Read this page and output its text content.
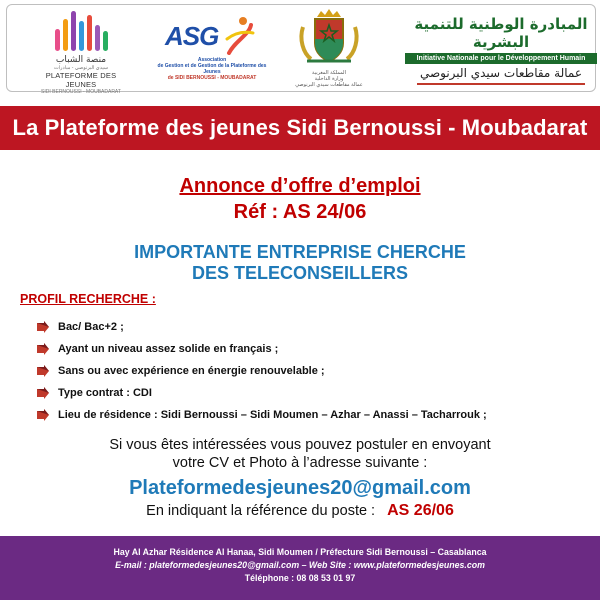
منصة الشباب
سيدي البرنوصي - مبادرات
PLATEFORME DES JEUNES
SIDI BERNOUSSI - MOUBADARAT
ASG
Association
de Gestion et de Gestion de la Plateforme des Jeunes
de SIDI BERNOUSSI - MOUBADARAT
المملكة المغربية
وزارة الداخلية
عمالة مقاطعات سيدي البرنوصي
المبادرة الوطنية للتنمية البشرية
Initiative Nationale pour le Développement Humain
عمالة مقاطعات سيدي البرنوصي
La Plateforme des jeunes Sidi Bernoussi - Moubadarat
Annonce d’offre d’emploi
Réf : AS 24/06
IMPORTANTE ENTREPRISE CHERCHE
DES TELECONSEILLERS
PROFIL RECHERCHE :
Bac/ Bac+2 ;
Ayant un niveau assez solide en français ;
Sans ou avec expérience en énergie renouvelable ;
Type contrat : CDI
Lieu de résidence : Sidi Bernoussi – Sidi Moumen – Azhar – Anassi – Tacharrouk ;
Si vous êtes intéressées vous pouvez postuler en envoyant
votre CV et Photo à l’adresse suivante :
Plateformedesjeunes20@gmail.com
En indiquant la référence du poste : AS 26/06
Hay Al Azhar Résidence Al Hanaa, Sidi Moumen / Préfecture Sidi Bernoussi – Casablanca
E-mail : plateformedesjeunes20@gmail.com – Web Site : www.plateformedesjeunes.com
Téléphone : 08 08 53 01 97
